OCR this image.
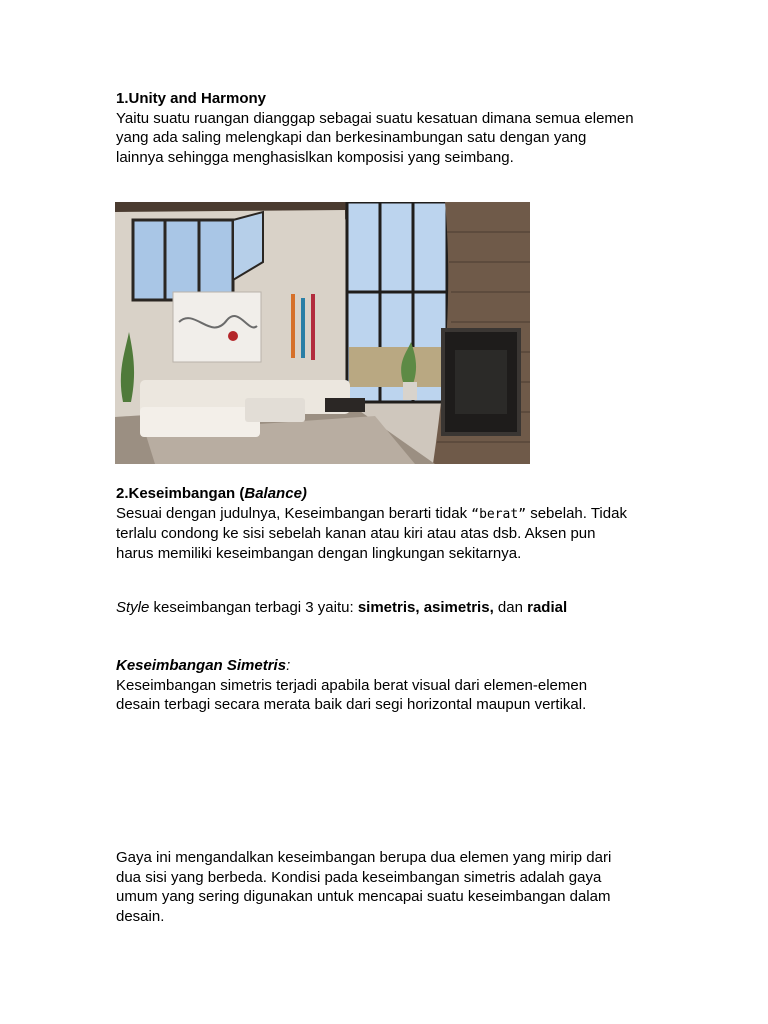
1.Unity and Harmony
Yaitu suatu ruangan dianggap sebagai suatu kesatuan dimana semua elemen
yang ada saling melengkapi dan berkesinambungan satu dengan yang
lainnya sehingga menghasislkan komposisi yang seimbang.
2.Keseimbangan (Balance)
Sesuai dengan judulnya, Keseimbangan berarti tidak “berat” sebelah. Tidak
terlalu condong ke sisi sebelah kanan atau kiri atau atas dsb. Aksen pun
harus memiliki keseimbangan dengan lingkungan sekitarnya.
Style keseimbangan terbagi 3 yaitu: simetris, asimetris, dan radial
Keseimbangan Simetris:
Keseimbangan simetris terjadi apabila berat visual dari elemen-elemen
desain terbagi secara merata baik dari segi horizontal maupun vertikal.
Gaya ini mengandalkan keseimbangan berupa dua elemen yang mirip dari
dua sisi yang berbeda. Kondisi pada keseimbangan simetris adalah gaya
umum yang sering digunakan untuk mencapai suatu keseimbangan dalam
desain.
